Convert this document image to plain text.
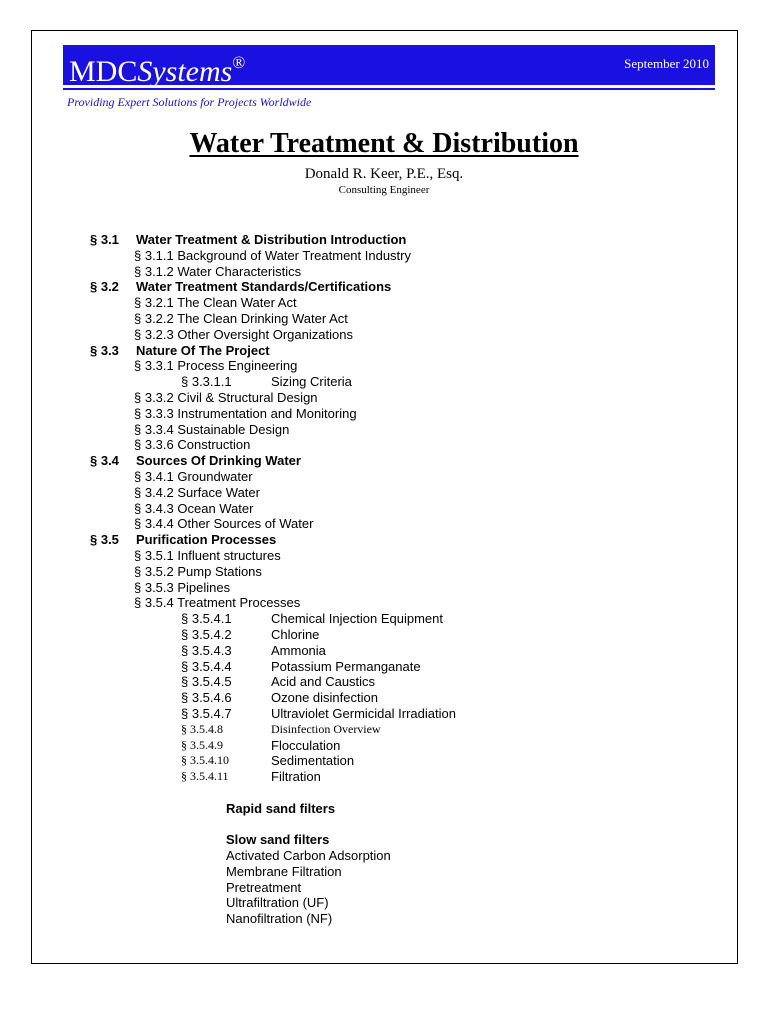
MDCSystems®	September 2010
Providing Expert Solutions for Projects Worldwide
Water Treatment & Distribution
Donald R. Keer, P.E., Esq.
Consulting Engineer
§ 3.1 Water Treatment & Distribution Introduction
§ 3.1.1 Background of Water Treatment Industry
§ 3.1.2 Water Characteristics
§ 3.2 Water Treatment Standards/Certifications
§ 3.2.1 The Clean Water Act
§ 3.2.2 The Clean Drinking Water Act
§ 3.2.3 Other Oversight Organizations
§ 3.3 Nature Of The Project
§ 3.3.1 Process Engineering
§ 3.3.1.1	Sizing Criteria
§ 3.3.2 Civil & Structural Design
§ 3.3.3 Instrumentation and Monitoring
§ 3.3.4 Sustainable Design
§ 3.3.6 Construction
§ 3.4 Sources Of Drinking Water
§ 3.4.1 Groundwater
§ 3.4.2 Surface Water
§ 3.4.3 Ocean Water
§ 3.4.4 Other Sources of Water
§ 3.5 Purification Processes
§ 3.5.1 Influent structures
§ 3.5.2 Pump Stations
§ 3.5.3 Pipelines
§ 3.5.4 Treatment Processes
§ 3.5.4.1	Chemical Injection Equipment
§ 3.5.4.2	Chlorine
§ 3.5.4.3	Ammonia
§ 3.5.4.4	Potassium Permanganate
§ 3.5.4.5	Acid and Caustics
§ 3.5.4.6	Ozone disinfection
§ 3.5.4.7	Ultraviolet Germicidal Irradiation
§ 3.5.4.8	Disinfection Overview
§ 3.5.4.9	Flocculation
§ 3.5.4.10	Sedimentation
§ 3.5.4.11	Filtration
Rapid sand filters
Slow sand filters
Activated Carbon Adsorption
Membrane Filtration
Pretreatment
Ultrafiltration (UF)
Nanofiltration (NF)
